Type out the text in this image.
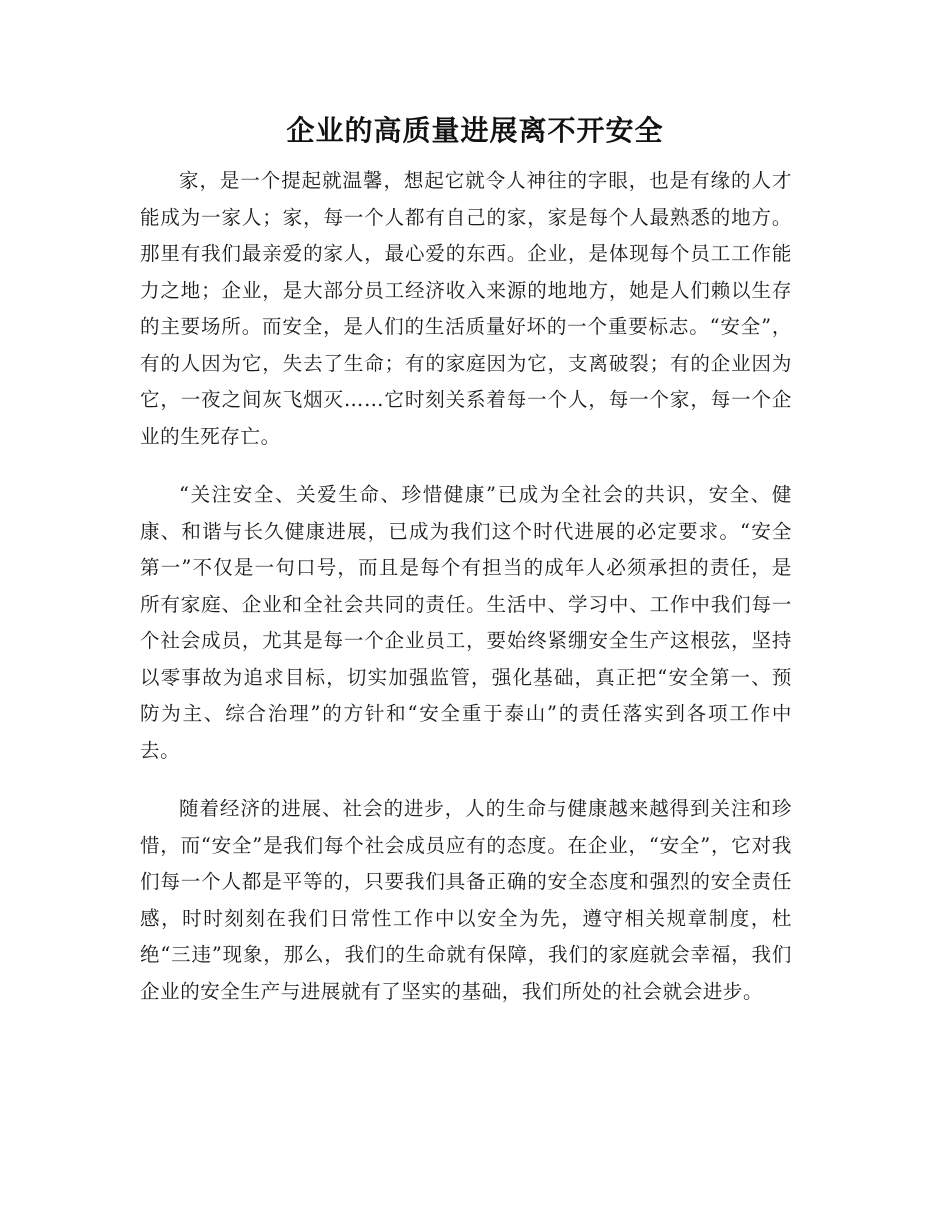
企业的高质量进展离不开安全

家，是一个提起就温馨，想起它就令人神往的字眼，也是有缘的人才能成为一家人；家，每一个人都有自己的家，家是每个人最熟悉的地方。那里有我们最亲爱的家人，最心爱的东西。企业，是体现每个员工工作能力之地；企业，是大部分员工经济收入来源的地地方，她是人们赖以生存的主要场所。而安全，是人们的生活质量好坏的一个重要标志。“安全”，有的人因为它，失去了生命；有的家庭因为它，支离破裂；有的企业因为它，一夜之间灰飞烟灭……它时刻关系着每一个人，每一个家，每一个企业的生死存亡。

“关注安全、关爱生命、珍惜健康”已成为全社会的共识，安全、健康、和谐与长久健康进展，已成为我们这个时代进展的必定要求。“安全第一”不仅是一句口号，而且是每个有担当的成年人必须承担的责任，是所有家庭、企业和全社会共同的责任。生活中、学习中、工作中我们每一个社会成员，尤其是每一个企业员工，要始终紧绷安全生产这根弦，坚持以零事故为追求目标，切实加强监管，强化基础，真正把“安全第一、预防为主、综合治理”的方针和“安全重于泰山”的责任落实到各项工作中去。

随着经济的进展、社会的进步，人的生命与健康越来越得到关注和珍惜，而“安全”是我们每个社会成员应有的态度。在企业，“安全”，它对我们每一个人都是平等的，只要我们具备正确的安全态度和强烈的安全责任感，时时刻刻在我们日常性工作中以安全为先，遵守相关规章制度，杜绝“三违”现象，那么，我们的生命就有保障，我们的家庭就会幸福，我们企业的安全生产与进展就有了坚实的基础，我们所处的社会就会进步。
